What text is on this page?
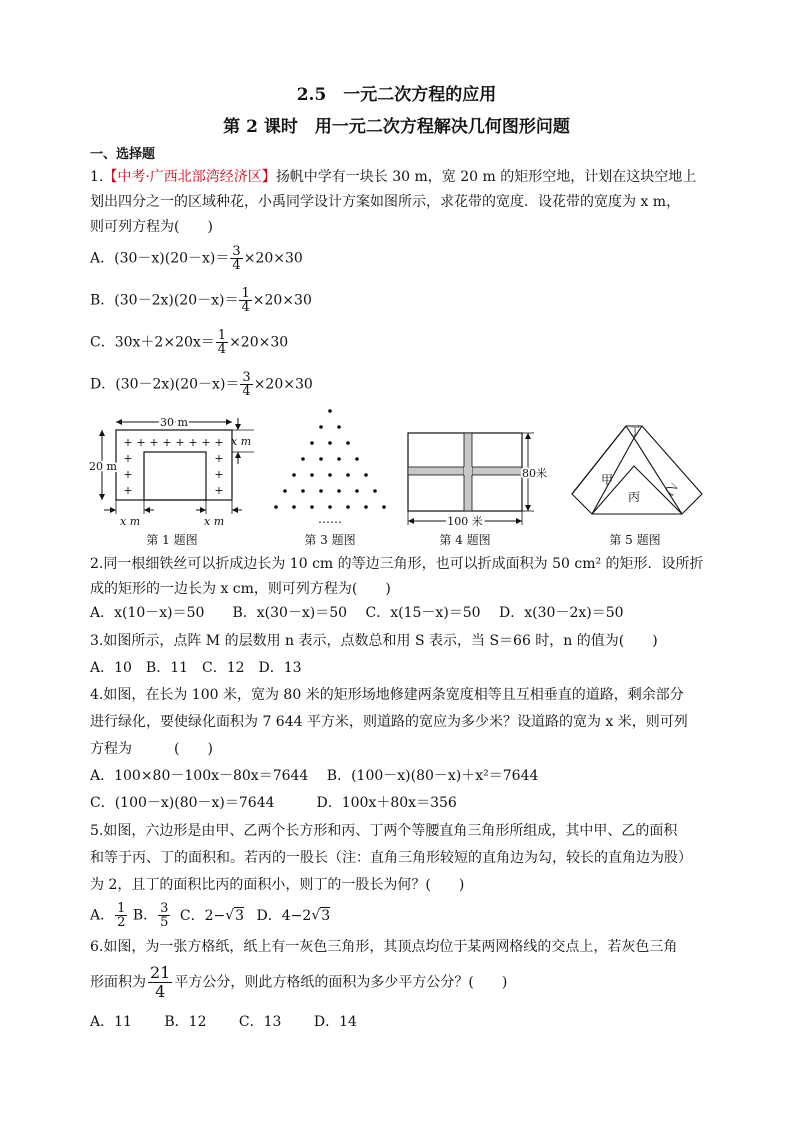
2.5　一元二次方程的应用
第 2 课时　用一元二次方程解决几何图形问题
一、选择题
1.【中考·广西北部湾经济区】扬帆中学有一块长 30 m，宽 20 m 的矩形空地，计划在这块空地上
划出四分之一的区域种花，小禹同学设计方案如图所示，求花带的宽度．设花带的宽度为 x m，
则可列方程为(　　)
A．$(30-x)(20-x)= \frac{3}{4} \times 20\times 30$
B．$(30-2x)(20-x)= \frac{1}{4} \times 20\times 30$
C．$30x+2\times 20x= \frac{1}{4} \times 20\times 30$
D．$(30-2x)(20-x)= \frac{3}{4} \times 20\times 30$
30 m
20 m
x m
x m	x m
+ + + + + + + +
+
+
+
+
+
+
第 1 题图
……
第 3 题图
80米
100 米
第 4 题图
丁
甲
丙 乙
第 5 题图
2.同一根细铁丝可以折成边长为 10 cm 的等边三角形，也可以折成面积为 50 cm² 的矩形．设所折
成的矩形的一边长为 x cm，则可列方程为(　　)
A．x(10－x)＝50　　B．x(30－x)＝50　 C．x(15－x)＝50　 D．x(30－2x)＝50
3.如图所示，点阵 M 的层数用 n 表示，点数总和用 S 表示，当 S＝66 时，n 的值为(　　)
A．10　B．11　C．12　D．13
4.如图，在长为 100 米，宽为 80 米的矩形场地修建两条宽度相等且互相垂直的道路，剩余部分
进行绿化，要使绿化面积为 7 644 平方米，则道路的宽应为多少米？设道路的宽为 x 米，则可列
方程为　　　(　　)
A．100×80－100x－80x＝7644　 B．(100－x)(80－x)＋x²＝7644
C．(100－x)(80－x)＝7644　　　D．100x＋80x＝356
5.如图，六边形是由甲、乙两个长方形和丙、丁两个等腰直角三角形所组成，其中甲、乙的面积
和等于丙、丁的面积和。若丙的一股长（注：直角三角形较短的直角边为勾，较长的直角边为股）
为 2，且丁的面积比丙的面积小，则丁的一股长为何？(　　)
A． $\frac{1}{2}$ B． $\frac{3}{5}$ C．2−√3 D．4−2√3
6.如图，为一张方格纸，纸上有一灰色三角形，其顶点均位于某两网格线的交点上，若灰色三角
形面积为 $\frac{21}{4}$ 平方公分，则此方格纸的面积为多少平方公分？(　　)
A．11　　 B．12　　 C．13　　 D．14
